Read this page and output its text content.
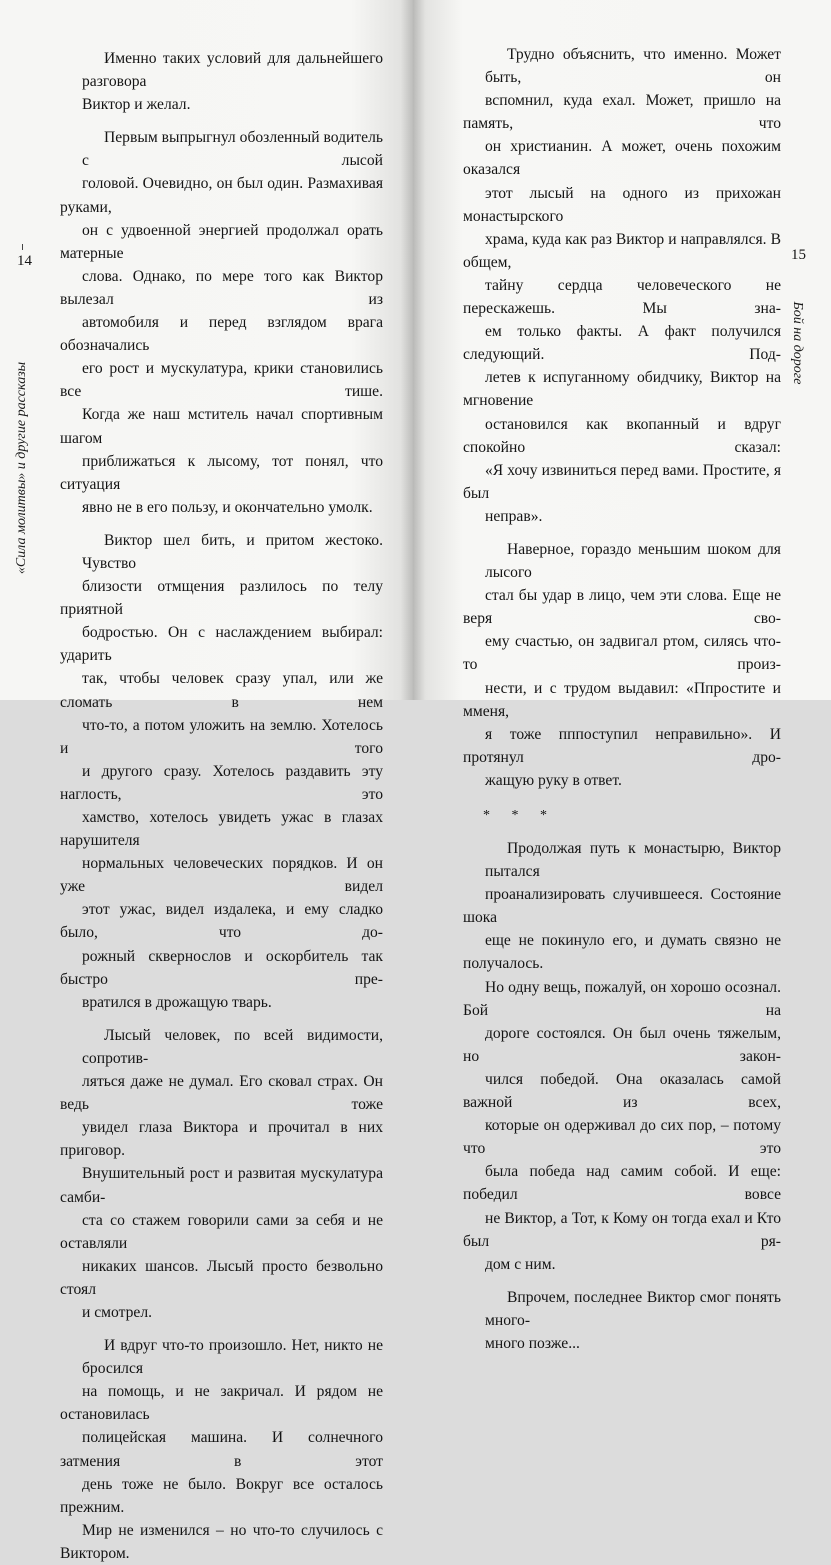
Именно таких условий для дальнейшего разговораВиктор и желал.

Первым выпрыгнул обозленный водитель с лысойголовой. Очевидно, он был один. Размахивая руками,он с удвоенной энергией продолжал орать матерныеслова. Однако, по мере того как Виктор вылезал изавтомобиля и перед взглядом врага обозначалисьего рост и мускулатура, крики становились все тише.Когда же наш мститель начал спортивным шагомприближаться к лысому, тот понял, что ситуацияявно не в его пользу, и окончательно умолк.

Виктор шел бить, и притом жестоко. Чувствоблизости отмщения разлилось по телу приятнойбодростью. Он с наслаждением выбирал: ударитьтак, чтобы человек сразу упал, или же сломать в немчто-то, а потом уложить на землю. Хотелось и тогои другого сразу. Хотелось раздавить эту наглость, этохамство, хотелось увидеть ужас в глазах нарушителянормальных человеческих порядков. И он уже виделэтот ужас, видел издалека, и ему сладко было, что до-рожный сквернослов и оскорбитель так быстро пре-вратился в дрожащую тварь.

Лысый человек, по всей видимости, сопротив-ляться даже не думал. Его сковал страх. Он ведь тожеувидел глаза Виктора и прочитал в них приговор.Внушительный рост и развитая мускулатура самби-ста со стажем говорили сами за себя и не оставлялиникаких шансов. Лысый просто безвольно стояли смотрел.

И вдруг что-то произошло. Нет, никто не бросилсяна помощь, и не закричал. И рядом не остановиласьполицейская машина. И солнечного затмения в этотдень тоже не было. Вокруг все осталось прежним.Мир не изменился – но что-то случилось с Виктором.

14
«Сила молитвы» и другие рассказы

Трудно объяснить, что именно. Может быть, онвспомнил, куда ехал. Может, пришло на память, чтоон христианин. А может, очень похожим оказалсяэтот лысый на одного из прихожан монастырскогохрама, куда как раз Виктор и направлялся. В общем,тайну сердца человеческого не перескажешь. Мы зна-ем только факты. А факт получился следующий. Под-летев к испуганному обидчику, Виктор на мгновениеостановился как вкопанный и вдруг спокойно сказал:«Я хочу извиниться перед вами. Простите, я былнеправ».

Наверное, гораздо меньшим шоком для лысогостал бы удар в лицо, чем эти слова. Еще не веря сво-ему счастью, он задвигал ртом, силясь что-то произ-нести, и с трудом выдавил: «Ппростите и мменя,я тоже пппоступил неправильно». И протянул дро-жащую руку в ответ.

* * *

Продолжая путь к монастырю, Виктор пыталсяпроанализировать случившееся. Состояние шокаеще не покинуло его, и думать связно не получалось.Но одну вещь, пожалуй, он хорошо осознал. Бой надороге состоялся. Он был очень тяжелым, но закон-чился победой. Она оказалась самой важной из всех,которые он одерживал до сих пор, – потому что этобыла победа над самим собой. И еще: победил вовсене Виктор, а Тот, к Кому он тогда ехал и Кто был ря-дом с ним.

Впрочем, последнее Виктор смог понять много-много позже...

15
Бой на дороге
